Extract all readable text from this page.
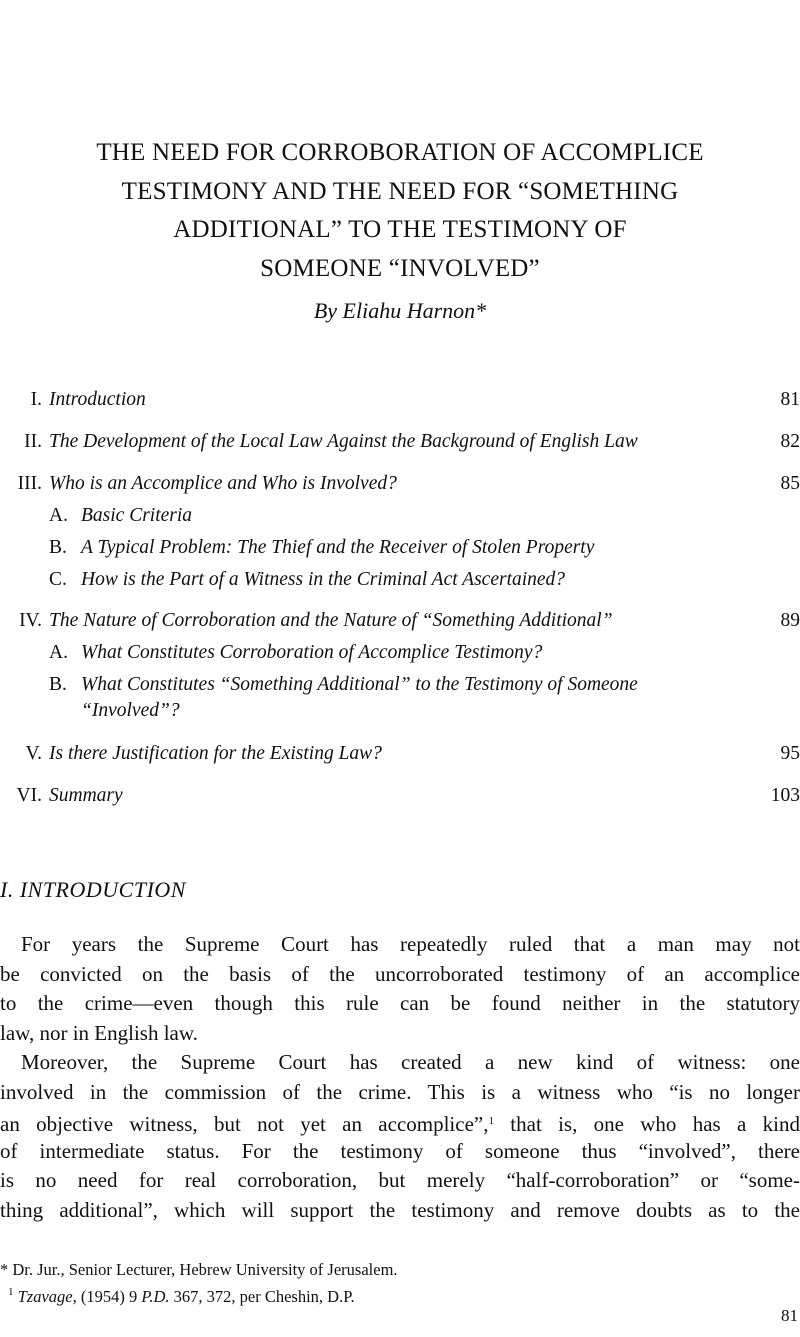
THE NEED FOR CORROBORATION OF ACCOMPLICE
TESTIMONY AND THE NEED FOR “SOMETHING
ADDITIONAL” TO THE TESTIMONY OF
SOMEONE “INVOLVED”
By Eliahu Harnon*
I. Introduction	81
II. The Development of the Local Law Against the Background of English Law	82
III. Who is an Accomplice and Who is Involved?	85
A. Basic Criteria
B. A Typical Problem: The Thief and the Receiver of Stolen Property
C. How is the Part of a Witness in the Criminal Act Ascertained?
IV. The Nature of Corroboration and the Nature of “Something Additional”	89
A. What Constitutes Corroboration of Accomplice Testimony?
B. What Constitutes “Something Additional” to the Testimony of Someone
“Involved”?
V. Is there Justification for the Existing Law?	95
VI. Summary	103
I. INTRODUCTION
 For years the Supreme Court has repeatedly ruled that a man may not
be convicted on the basis of the uncorroborated testimony of an accomplice
to the crime—even though this rule can be found neither in the statutory
law, nor in English law.
 Moreover, the Supreme Court has created a new kind of witness: one
involved in the commission of the crime. This is a witness who “is no longer
an objective witness, but not yet an accomplice”,$^1$ that is, one who has a kind
of intermediate status. For the testimony of someone thus “involved”, there
is no need for real corroboration, but merely “half-corroboration” or “some-
thing additional”, which will support the testimony and remove doubts as to the
* Dr. Jur., Senior Lecturer, Hebrew University of Jerusalem.
$^1$ Tzavage, (1954) 9 P.D. 367, 372, per Cheshin, D.P.
81
